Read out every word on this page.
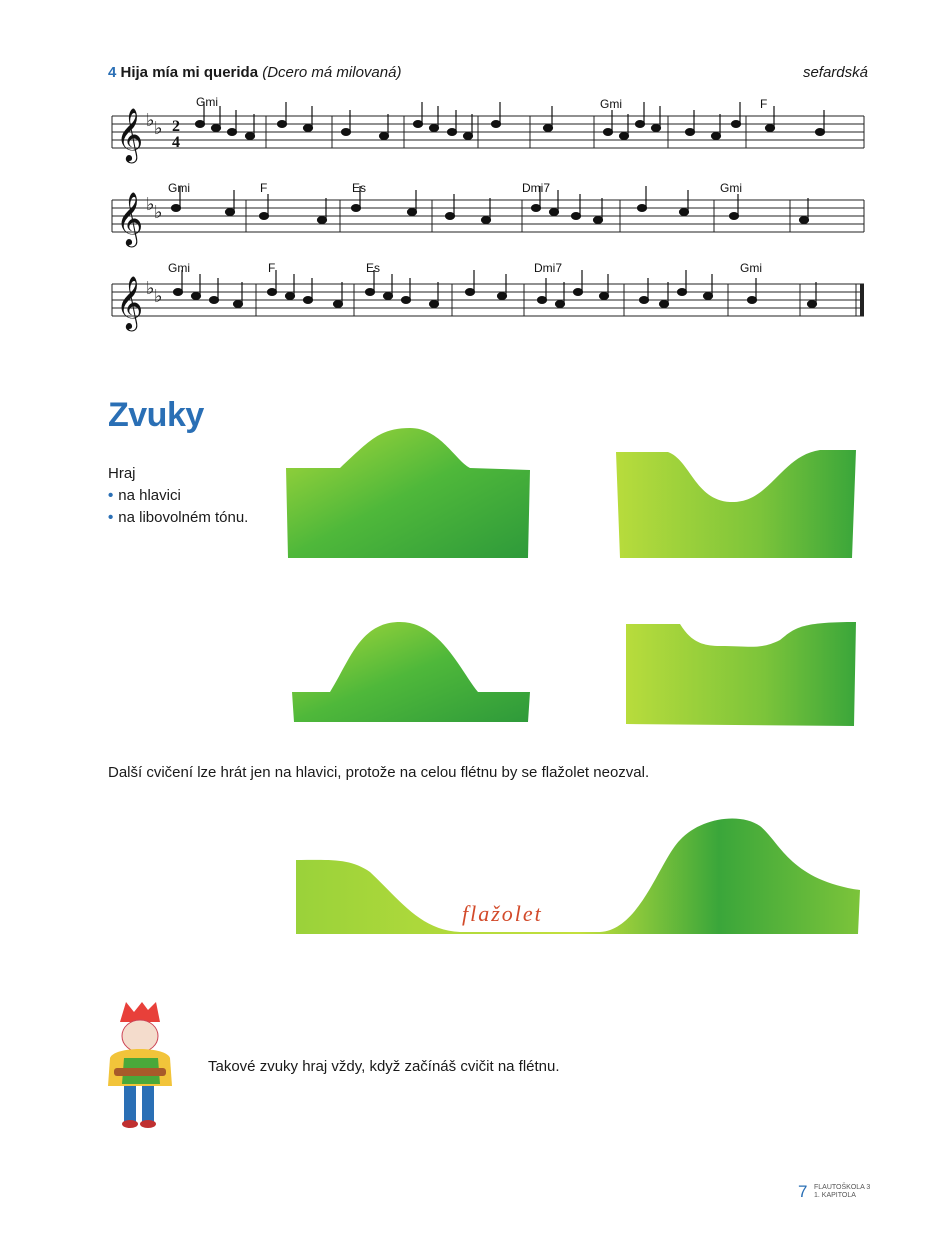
4 Hija mía mi querida (Dcero má milovaná)	sefardská
𝄞
𝄞
𝄞
♭ ♭
♭ ♭
♭ ♭
2
4
Gmi	Gmi	F
Gmi	F	Es	Dmi7	Gmi
Gmi	F	Es	Dmi7	Gmi
Zvuky
Hraj
• na hlavici
• na libovolném tónu.
flažolet
Další cvičení lze hrát jen na hlavici, protože na celou flétnu by se flažolet neozval.
Takové zvuky hraj vždy, když začínáš cvičit na flétnu.
7 FLAUTOŠKOLA 3
1. KAPITOLA
